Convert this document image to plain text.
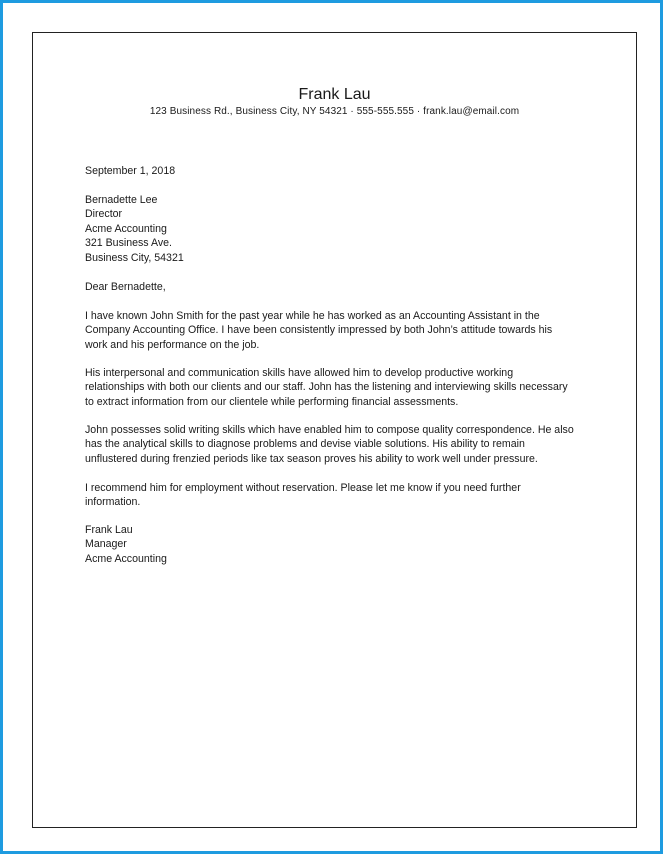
Frank Lau
123 Business Rd., Business City, NY 54321 · 555-555.555 · frank.lau@email.com
September 1, 2018
Bernadette Lee
Director
Acme Accounting
321 Business Ave.
Business City, 54321
Dear Bernadette,
I have known John Smith for the past year while he has worked as an Accounting Assistant in the
Company Accounting Office. I have been consistently impressed by both John’s attitude towards his
work and his performance on the job.
His interpersonal and communication skills have allowed him to develop productive working
relationships with both our clients and our staff. John has the listening and interviewing skills necessary
to extract information from our clientele while performing financial assessments.
John possesses solid writing skills which have enabled him to compose quality correspondence. He also
has the analytical skills to diagnose problems and devise viable solutions. His ability to remain
unflustered during frenzied periods like tax season proves his ability to work well under pressure.
I recommend him for employment without reservation. Please let me know if you need further
information.
Frank Lau
Manager
Acme Accounting
